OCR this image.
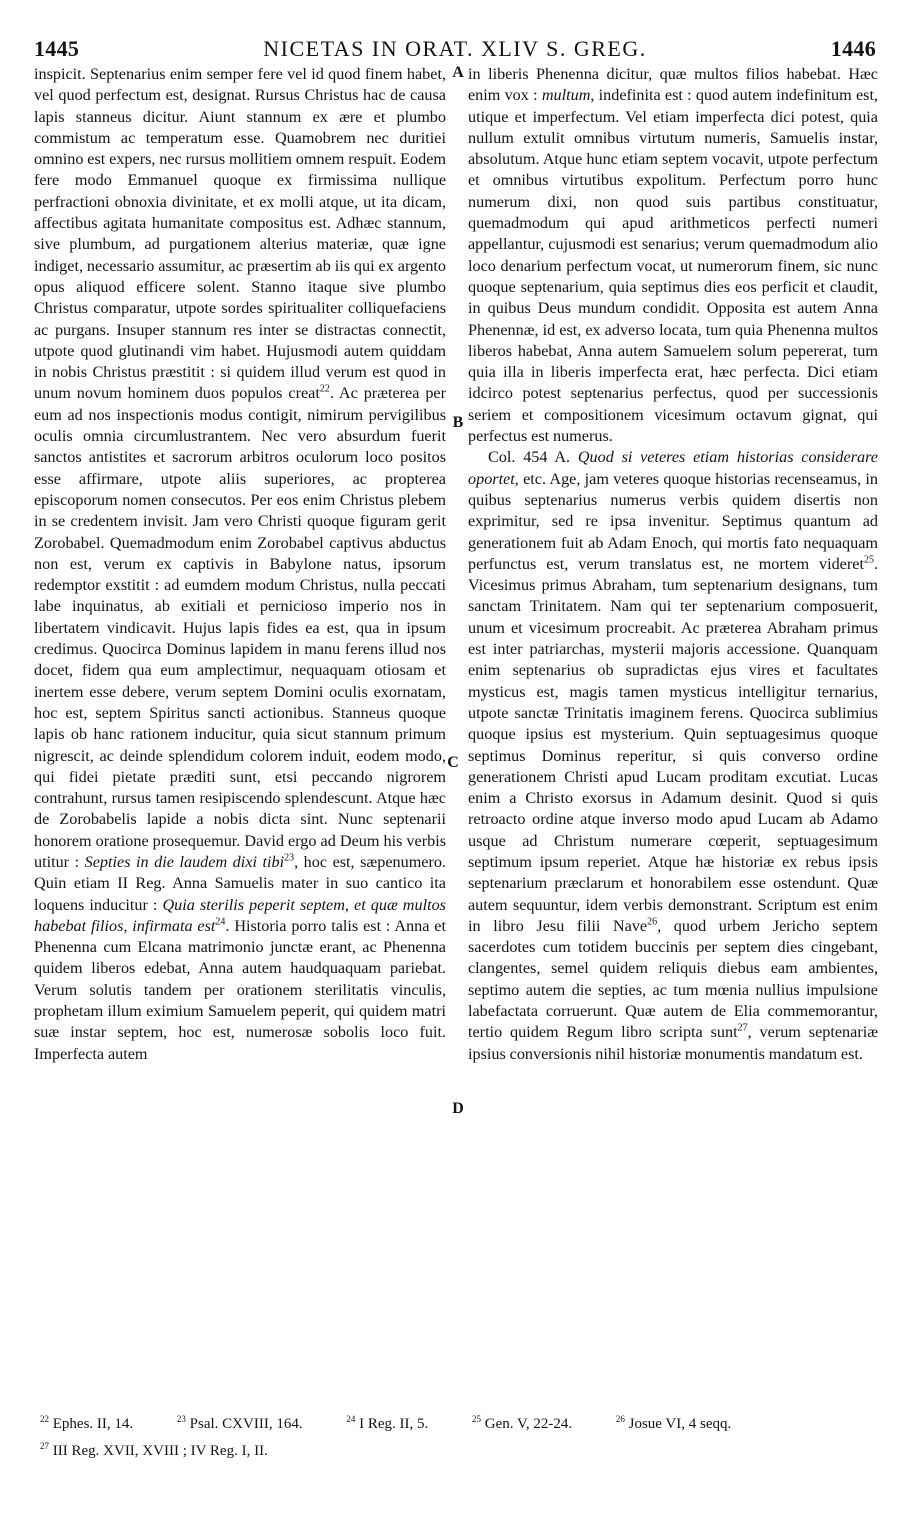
1445	NICETAS IN ORAT. XLIV S. GREG.	1446
A
B
C
D

inspicit. Septenarius enim semper fere vel id quod finem habet, vel quod perfectum est, designat. Rursus Christus hac de causa lapis stanneus dicitur. Aiunt stannum ex ære et plumbo commistum ac temperatum esse. Quamobrem nec duritiei omnino est expers, nec rursus mollitiem omnem respuit. Eodem fere modo Emmanuel quoque ex firmissima nullique perfractioni obnoxia divinitate, et ex molli atque, ut ita dicam, affectibus agitata humanitate compositus est. Adhæc stannum, sive plumbum, ad purgationem alterius materiæ, quæ igne indiget, necessario assumitur, ac præsertim ab iis qui ex argento opus aliquod efficere solent. Stanno itaque sive plumbo Christus comparatur, utpote sordes spiritualiter colliquefaciens ac purgans. Insuper stannum res inter se distractas connectit, utpote quod glutinandi vim habet. Hujusmodi autem quiddam in nobis Christus præstitit : si quidem illud verum est quod in unum novum hominem duos populos creat$^{22}$. Ac præterea per eum ad nos inspectionis modus contigit, nimirum pervigilibus oculis omnia circumlustrantem. Nec vero absurdum fuerit sanctos antistites et sacrorum arbitros oculorum loco positos esse affirmare, utpote aliis superiores, ac propterea episcoporum nomen consecutos. Per eos enim Christus plebem in se credentem invisit. Jam vero Christi quoque figuram gerit Zorobabel. Quemadmodum enim Zorobabel captivus abductus non est, verum ex captivis in Babylone natus, ipsorum redemptor exstitit : ad eumdem modum Christus, nulla peccati labe inquinatus, ab exitiali et pernicioso imperio nos in libertatem vindicavit. Hujus lapis fides ea est, qua in ipsum credimus. Quocirca Dominus lapidem in manu ferens illud nos docet, fidem qua eum amplectimur, nequaquam otiosam et inertem esse debere, verum septem Domini oculis exornatam, hoc est, septem Spiritus sancti actionibus. Stanneus quoque lapis ob hanc rationem inducitur, quia sicut stannum primum nigrescit, ac deinde splendidum colorem induit, eodem modo, qui fidei pietate præditi sunt, etsi peccando nigrorem contrahunt, rursus tamen resipiscendo splendescunt. Atque hæc de Zorobabelis lapide a nobis dicta sint. Nunc septenarii honorem oratione prosequemur. David ergo ad Deum his verbis utitur : Septies in die laudem dixi tibi$^{23}$, hoc est, sæpenumero. Quin etiam II Reg. Anna Samuelis mater in suo cantico ita loquens inducitur : Quia sterilis peperit septem, et quæ multos habebat filios, infirmata est$^{24}$. Historia porro talis est : Anna et Phenenna cum Elcana matrimonio junctæ erant, ac Phenenna quidem liberos edebat, Anna autem haudquaquam pariebat. Verum solutis tandem per orationem sterilitatis vinculis, prophetam illum eximium Samuelem peperit, qui quidem matri suæ instar septem, hoc est, numerosæ sobolis loco fuit. Imperfecta autem

in liberis Phenenna dicitur, quæ multos filios habebat. Hæc enim vox : multum, indefinita est : quod autem indefinitum est, utique et imperfectum. Vel etiam imperfecta dici potest, quia nullum extulit omnibus virtutum numeris, Samuelis instar, absolutum. Atque hunc etiam septem vocavit, utpote perfectum et omnibus virtutibus expolitum. Perfectum porro hunc numerum dixi, non quod suis partibus constituatur, quemadmodum qui apud arithmeticos perfecti numeri appellantur, cujusmodi est senarius; verum quemadmodum alio loco denarium perfectum vocat, ut numerorum finem, sic nunc quoque septenarium, quia septimus dies eos perficit et claudit, in quibus Deus mundum condidit. Opposita est autem Anna Phenennæ, id est, ex adverso locata, tum quia Phenenna multos liberos habebat, Anna autem Samuelem solum pepererat, tum quia illa in liberis imperfecta erat, hæc perfecta. Dici etiam idcirco potest septenarius perfectus, quod per successionis seriem et compositionem vicesimum octavum gignat, qui perfectus est numerus.

Col. 454 A. Quod si veteres etiam historias considerare oportet, etc. Age, jam veteres quoque historias recenseamus, in quibus septenarius numerus verbis quidem disertis non exprimitur, sed re ipsa invenitur. Septimus quantum ad generationem fuit ab Adam Enoch, qui mortis fato nequaquam perfunctus est, verum translatus est, ne mortem videret$^{25}$. Vicesimus primus Abraham, tum septenarium designans, tum sanctam Trinitatem. Nam qui ter septenarium composuerit, unum et vicesimum procreabit. Ac præterea Abraham primus est inter patriarchas, mysterii majoris accessione. Quanquam enim septenarius ob supradictas ejus vires et facultates mysticus est, magis tamen mysticus intelligitur ternarius, utpote sanctæ Trinitatis imaginem ferens. Quocirca sublimius quoque ipsius est mysterium. Quin septuagesimus quoque septimus Dominus reperitur, si quis converso ordine generationem Christi apud Lucam proditam excutiat. Lucas enim a Christo exorsus in Adamum desinit. Quod si quis retroacto ordine atque inverso modo apud Lucam ab Adamo usque ad Christum numerare cœperit, septuagesimum septimum ipsum reperiet. Atque hæ historiæ ex rebus ipsis septenarium præclarum et honorabilem esse ostendunt. Quæ autem sequuntur, idem verbis demonstrant. Scriptum est enim in libro Jesu filii Nave$^{26}$, quod urbem Jericho septem sacerdotes cum totidem buccinis per septem dies cingebant, clangentes, semel quidem reliquis diebus eam ambientes, septimo autem die septies, ac tum mœnia nullius impulsione labefactata corruerunt. Quæ autem de Elia commemorantur, tertio quidem Regum libro scripta sunt$^{27}$, verum septenariæ ipsius conversionis nihil historiæ monumentis mandatum est.

$^{22}$ Ephes. II, 14.	$^{23}$ Psal. CXVIII, 164.	$^{24}$ I Reg. II, 5.	$^{25}$ Gen. V, 22-24.	$^{26}$ Josue VI, 4 seqq.
$^{27}$ III Reg. XVII, XVIII ; IV Reg. I, II.
